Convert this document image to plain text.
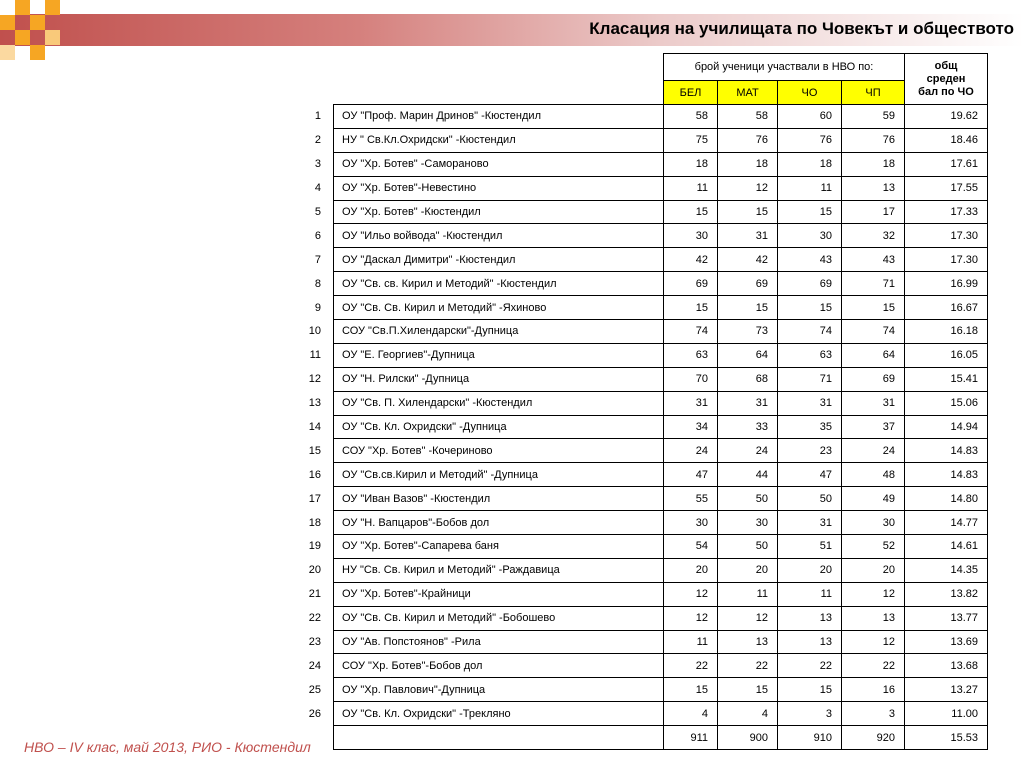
Класация на училищата по Човекът и обществото
		брой ученици участвали в НВО по:				общ
среден
бал по ЧО
		БЕЛ	МАТ	ЧО	ЧП	
1	ОУ "Проф. Марин Дринов" -Кюстендил	58	58	60	59	19.62
2	НУ " Св.Кл.Охридски" -Кюстендил	75	76	76	76	18.46
3	ОУ "Хр. Ботев" -Самораново	18	18	18	18	17.61
4	ОУ "Хр. Ботев"-Невестино	11	12	11	13	17.55
5	ОУ "Хр. Ботев" -Кюстендил	15	15	15	17	17.33
6	ОУ "Ильо войвода" -Кюстендил	30	31	30	32	17.30
7	ОУ "Даскал Димитри" -Кюстендил	42	42	43	43	17.30
8	ОУ "Св. св. Кирил и Методий" -Кюстендил	69	69	69	71	16.99
9	ОУ "Св. Св. Кирил и Методий" -Яхиново	15	15	15	15	16.67
10	СОУ "Св.П.Хилендарски"-Дупница	74	73	74	74	16.18
11	ОУ "Е. Георгиев"-Дупница	63	64	63	64	16.05
12	ОУ "Н. Рилски" -Дупница	70	68	71	69	15.41
13	ОУ "Св. П. Хилендарски" -Кюстендил	31	31	31	31	15.06
14	ОУ "Св. Кл. Охридски" -Дупница	34	33	35	37	14.94
15	СОУ "Хр. Ботев" -Кочериново	24	24	23	24	14.83
16	ОУ "Св.св.Кирил и Методий" -Дупница	47	44	47	48	14.83
17	ОУ "Иван Вазов" -Кюстендил	55	50	50	49	14.80
18	ОУ "Н. Вапцаров"-Бобов дол	30	30	31	30	14.77
19	ОУ "Хр. Ботев"-Сапарева баня	54	50	51	52	14.61
20	НУ "Св. Св. Кирил и Методий" -Раждавица	20	20	20	20	14.35
21	ОУ "Хр. Ботев"-Крайници	12	11	11	12	13.82
22	ОУ "Св. Св. Кирил и Методий" -Бобошево	12	12	13	13	13.77
23	ОУ "Ав. Попстоянов" -Рила	11	13	13	12	13.69
24	СОУ "Хр. Ботев"-Бобов дол	22	22	22	22	13.68
25	ОУ "Хр. Павлович"-Дупница	15	15	15	16	13.27
26	ОУ "Св. Кл. Охридски" -Трекляно	4	4	3	3	11.00
		911	900	910	920	15.53
НВО – IV клас, май 2013, РИО - Кюстендил
